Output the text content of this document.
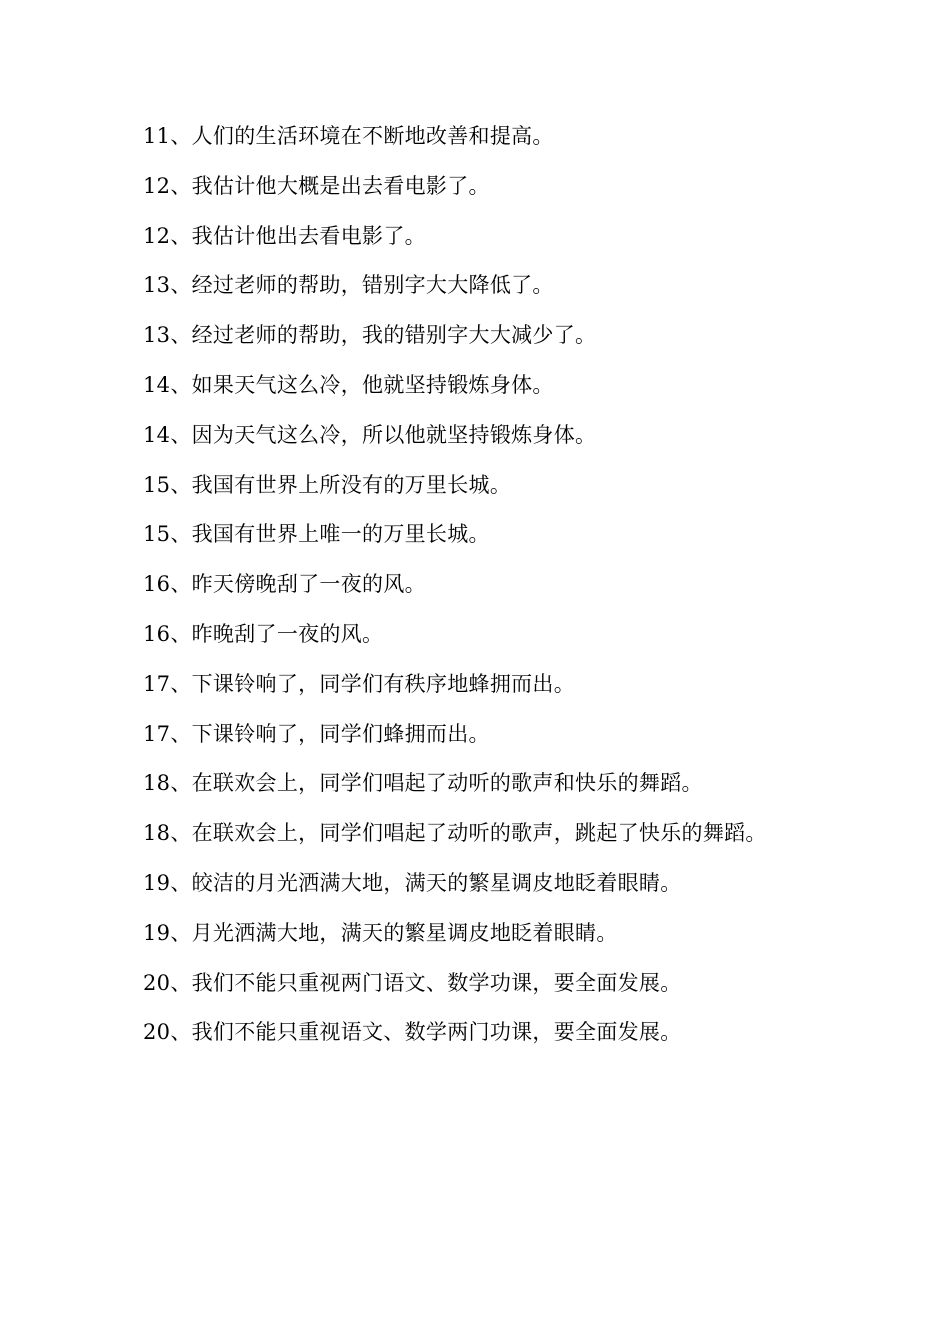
11、人们的生活环境在不断地改善和提高。
12、我估计他大概是出去看电影了。
12、我估计他出去看电影了。
13、经过老师的帮助，错别字大大降低了。
13、经过老师的帮助，我的错别字大大减少了。
14、如果天气这么冷，他就坚持锻炼身体。
14、因为天气这么冷，所以他就坚持锻炼身体。
15、我国有世界上所没有的万里长城。
15、我国有世界上唯一的万里长城。
16、昨天傍晚刮了一夜的风。
16、昨晚刮了一夜的风。
17、下课铃响了，同学们有秩序地蜂拥而出。
17、下课铃响了，同学们蜂拥而出。
18、在联欢会上，同学们唱起了动听的歌声和快乐的舞蹈。
18、在联欢会上，同学们唱起了动听的歌声，跳起了快乐的舞蹈。
19、皎洁的月光洒满大地，满天的繁星调皮地眨着眼睛。
19、月光洒满大地，满天的繁星调皮地眨着眼睛。
20、我们不能只重视两门语文、数学功课，要全面发展。
20、我们不能只重视语文、数学两门功课，要全面发展。
